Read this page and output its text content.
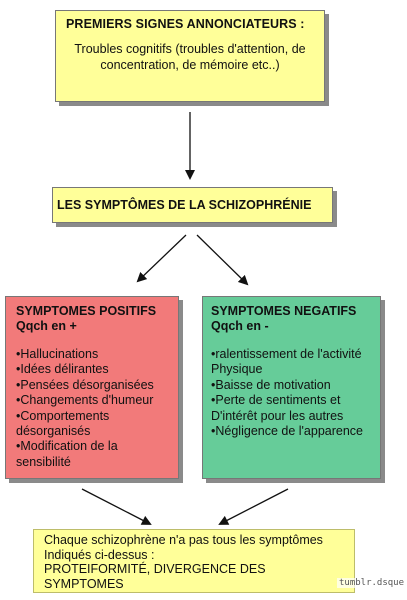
PREMIERS SIGNES ANNONCIATEURS :
Troubles cognitifs (troubles d'attention, de
concentration, de mémoire etc..)
LES SYMPTÔMES DE LA SCHIZOPHRÉNIE
SYMPTOMES POSITIFS
Qqch en +
•Hallucinations
•Idées délirantes
•Pensées désorganisées
•Changements d'humeur
•Comportements
désorganisés
•Modification de la
sensibilité
SYMPTOMES NEGATIFS
Qqch en -
•ralentissement de l'activité
Physique
•Baisse de motivation
•Perte de sentiments et
D'intérêt pour les autres
•Négligence de l'apparence
Chaque schizophrène n'a pas tous les symptômes
Indiqués ci-dessus :
PROTEIFORMITÉ, DIVERGENCE DES
SYMPTOMES	tumblr.dsque
